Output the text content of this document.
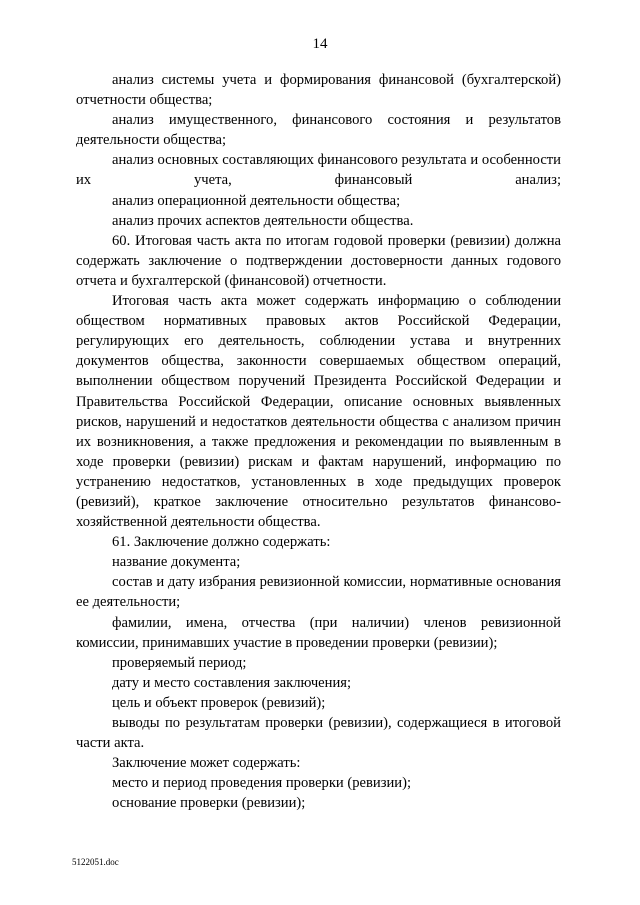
14

анализ системы учета и формирования финансовой (бухгалтерской) отчетности общества;

анализ имущественного, финансового состояния и результатов деятельности общества;

анализ основных составляющих финансового результата и особенности их учета, финансовый анализ;

анализ операционной деятельности общества;

анализ прочих аспектов деятельности общества.

60. Итоговая часть акта по итогам годовой проверки (ревизии) должна содержать заключение о подтверждении достоверности данных годового отчета и бухгалтерской (финансовой) отчетности.

Итоговая часть акта может содержать информацию о соблюдении обществом нормативных правовых актов Российской Федерации, регулирующих его деятельность, соблюдении устава и внутренних документов общества, законности совершаемых обществом операций, выполнении обществом поручений Президента Российской Федерации и Правительства Российской Федерации, описание основных выявленных рисков, нарушений и недостатков деятельности общества с анализом причин их возникновения, а также предложения и рекомендации по выявленным в ходе проверки (ревизии) рискам и фактам нарушений, информацию по устранению недостатков, установленных в ходе предыдущих проверок (ревизий), краткое заключение относительно результатов финансово-хозяйственной деятельности общества.

61. Заключение должно содержать:

название документа;

состав и дату избрания ревизионной комиссии, нормативные основания ее деятельности;

фамилии, имена, отчества (при наличии) членов ревизионной комиссии, принимавших участие в проведении проверки (ревизии);

проверяемый период;

дату и место составления заключения;

цель и объект проверок (ревизий);

выводы по результатам проверки (ревизии), содержащиеся в итоговой части акта.

Заключение может содержать:

место и период проведения проверки (ревизии);

основание проверки (ревизии);

5122051.doc
